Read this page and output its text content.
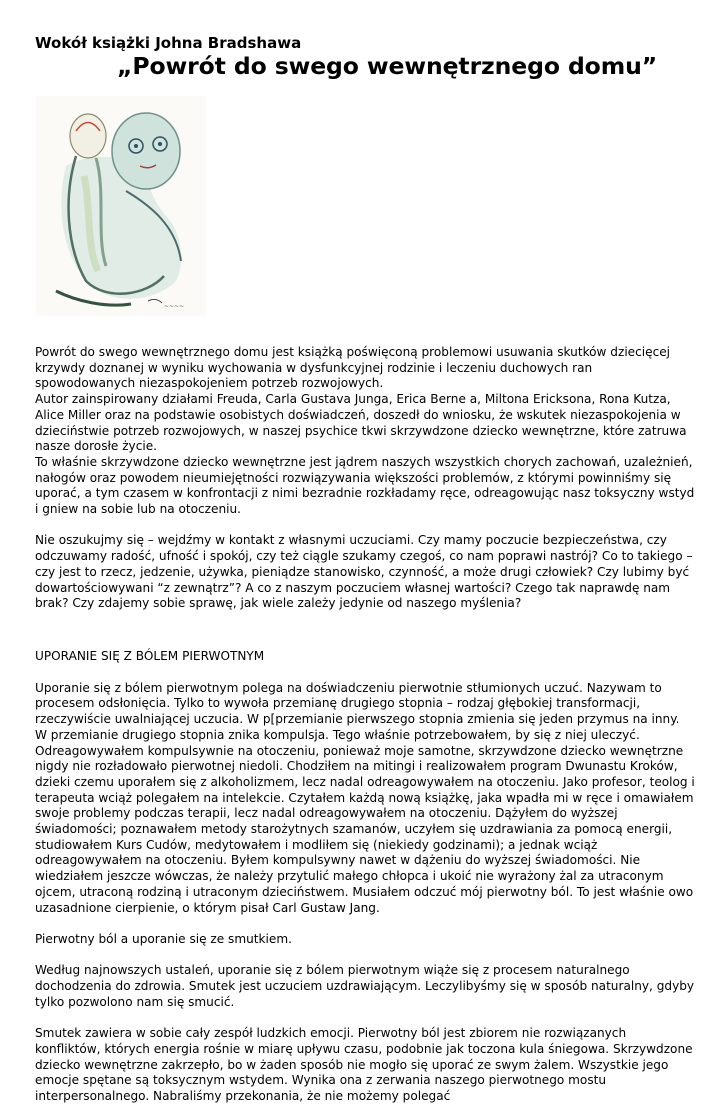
Wokół książki Johna Bradshawa
„Powrót do swego wewnętrznego domu”
~~~~

Powrót do swego wewnętrznego domu jest książką poświęconą problemowi usuwania skutków dziecięcej krzywdy doznanej w wyniku wychowania w dysfunkcyjnej rodzinie i leczeniu duchowych ran spowodowanych niezaspokojeniem potrzeb rozwojowych.

Autor zainspirowany działami Freuda, Carla Gustava Junga, Erica Berne a, Miltona Ericksona, Rona Kutza, Alice Miller oraz na podstawie osobistych doświadczeń, doszedł do wniosku, że wskutek niezaspokojenia w dzieciństwie potrzeb rozwojowych, w naszej psychice tkwi skrzywdzone dziecko wewnętrzne, które zatruwa nasze dorosłe życie.

To właśnie skrzywdzone dziecko wewnętrzne jest jądrem naszych wszystkich chorych zachowań, uzależnień, nałogów oraz powodem nieumiejętności rozwiązywania większości problemów, z którymi powinniśmy się uporać, a tym czasem w konfrontacji z nimi bezradnie rozkładamy ręce, odreagowując nasz toksyczny wstyd i gniew na sobie lub na otoczeniu.

Nie oszukujmy się – wejdźmy w kontakt z własnymi uczuciami. Czy mamy poczucie bezpieczeństwa, czy odczuwamy radość, ufność i spokój, czy też ciągle szukamy czegoś, co nam poprawi nastrój? Co to takiego – czy jest to rzecz, jedzenie, używka, pieniądze stanowisko, czynność, a może drugi człowiek? Czy lubimy być dowartościowywani “z zewnątrz”? A co z naszym poczuciem własnej wartości? Czego tak naprawdę nam brak? Czy zdajemy sobie sprawę, jak wiele zależy jedynie od naszego myślenia?

UPORANIE SIĘ Z BÓLEM PIERWOTNYM

Uporanie się z bólem pierwotnym polega na doświadczeniu pierwotnie stłumionych uczuć. Nazywam to procesem odsłonięcia. Tylko to wywoła przemianę drugiego stopnia – rodzaj głębokiej transformacji, rzeczywiście uwalniającej uczucia. W p[przemianie pierwszego stopnia zmienia się jeden przymus na inny. W przemianie drugiego stopnia znika kompulsja. Tego właśnie potrzebowałem, by się z niej uleczyć. Odreagowywałem kompulsywnie na otoczeniu, ponieważ moje samotne, skrzywdzone dziecko wewnętrzne nigdy nie rozładowało pierwotnej niedoli. Chodziłem na mitingi i realizowałem program Dwunastu Kroków, dzieki czemu uporałem się z alkoholizmem, lecz nadal odreagowywałem na otoczeniu. Jako profesor, teolog i terapeuta wciąż polegałem na intelekcie. Czytałem każdą nową książkę, jaka wpadła mi w ręce i omawiałem swoje problemy podczas terapii, lecz nadal odreagowywałem na otoczeniu. Dążyłem do wyższej świadomości; poznawałem metody starożytnych szamanów, uczyłem się uzdrawiania za pomocą energii, studiowałem Kurs Cudów, medytowałem i modliłem się (niekiedy godzinami); a jednak wciąż odreagowywałem na otoczeniu. Byłem kompulsywny nawet w dążeniu do wyższej świadomości. Nie wiedziałem jeszcze wówczas, że należy przytulić małego chłopca i ukoić nie wyrażony żal za utraconym ojcem, utraconą rodziną i utraconym dzieciństwem. Musiałem odczuć mój pierwotny ból. To jest właśnie owo uzasadnione cierpienie, o którym pisał Carl Gustaw Jang.

Pierwotny ból a uporanie się ze smutkiem.

Według najnowszych ustaleń, uporanie się z bólem pierwotnym wiąże się z procesem naturalnego dochodzenia do zdrowia. Smutek jest uczuciem uzdrawiającym. Leczylibyśmy się w sposób naturalny, gdyby tylko pozwolono nam się smucić.

Smutek zawiera w sobie cały zespół ludzkich emocji. Pierwotny ból jest zbiorem nie rozwiązanych konfliktów, których energia rośnie w miarę upływu czasu, podobnie jak toczona kula śniegowa. Skrzywdzone dziecko wewnętrzne zakrzepło, bo w żaden sposób nie mogło się uporać ze swym żalem. Wszystkie jego emocje spętane są toksycznym wstydem. Wynika ona z zerwania naszego pierwotnego mostu interpersonalnego. Nabraliśmy przekonania, że nie możemy polegać
